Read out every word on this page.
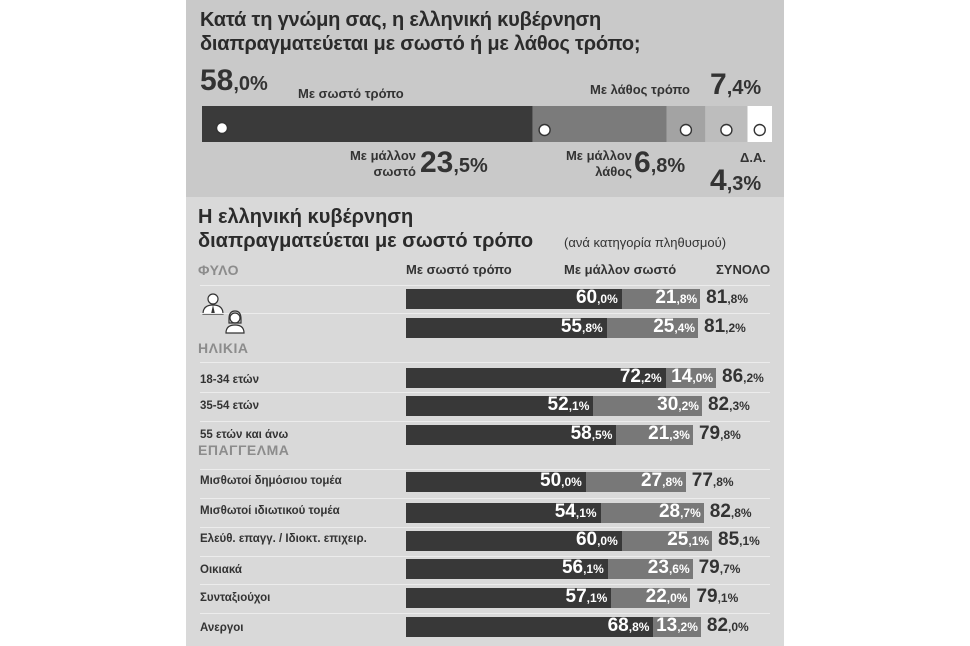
Κατά τη γνώμη σας, η ελληνική κυβέρνηση
διαπραγματεύεται με σωστό ή με λάθος τρόπο;
58,0% Με σωστό τρόπο	Με λάθος τρόπο 7,4%
Με μάλλον
σωστό 23,5%	Με μάλλον
λάθος 6,8%	Δ.Α.
4,3%
Η ελληνική κυβέρνηση
διαπραγματεύεται με σωστό τρόπο (ανά κατηγορία πληθυσμού)
Με σωστό τρόπο	Με μάλλον σωστό	ΣΥΝΟΛΟ
ΦΥΛΟ
60,0% 21,8% 81,8%
55,8%	25,4% 81,2%
ΗΛΙΚΙΑ
18-34 ετών	72,2% 14,0% 86,2%
35-54 ετών	52,1%	30,2% 82,3%
55 ετών και άνω	58,5% 21,3% 79,8%
ΕΠΑΓΓΕΛΜΑ
Μισθωτοί δημόσιου τομέα	50,0%	27,8% 77,8%
Μισθωτοί ιδιωτικού τομέα	54,1%	28,7% 82,8%
Ελεύθ. επαγγ. / Ιδιοκτ. επιχειρ.	60,0%	25,1% 85,1%
Οικιακά	56,1% 23,6% 79,7%
Συνταξιούχοι	57,1% 22,0% 79,1%
Ανεργοι	68,8% 13,2% 82,0%
